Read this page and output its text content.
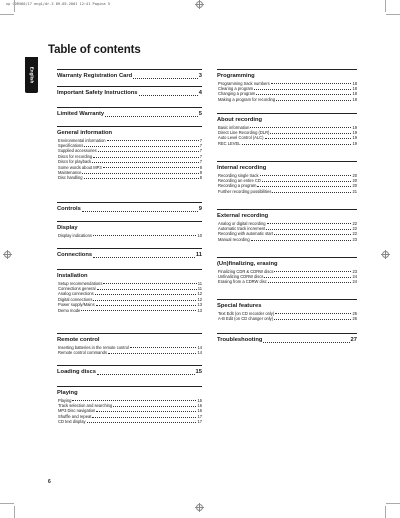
xp CDR560/17 eng1/dr.3 09-05-2001 12:41 Pagina 5
Table of contents
English	Warranty Registration Card	3
Important Safety Instructions	4
Limited Warranty	5
General information
Environmental information	7
Specifications	7
Supplied accessories	7
Discs for recording	7
Discs for playback	7
Some words about MP3	8
Maintenance	8
Disc handling	8
Controls	9
Display
Display indications	10
Connections	11
Installation
Setup recommendations	11
Connections general	11
Analog connections	12
Digital connections	12
Power supply/Mains	13
Demo mode	13
Remote control
Inserting batteries in the remote control	14
Remote control commands	14
Loading discs	15
Playing
Playing	15
Track selection and searching	16
MP3 Disc navigation	16
Shuffle and repeat	17
CD text display	17
Programming
Programming track numbers	18
Clearing a program	18
Changing a program	18
Making a program for recording	18
About recording
Basic information	19
Direct Line Recording (DLR)	19
Auto Level Control (ALC)	19
REC LEVEL	19
Internal recording
Recording single track	20
Recording an entire CD	20
Recording a program	20
Further recording possibilities	21
External recording
Analog or digital recording	22
Automatic track increment	22
Recording with automatic start	22
Manual recording	23
(Un)finalizing, erasing
Finalizing CDR & CDRW discs	23
Unfinalizing CDRW discs	24
Erasing from a CDRW disc	24
Special features
Text Edit (on CD recorder only)	25
A-B Edit (on CD changer only)	26
Troubleshooting	27
6
